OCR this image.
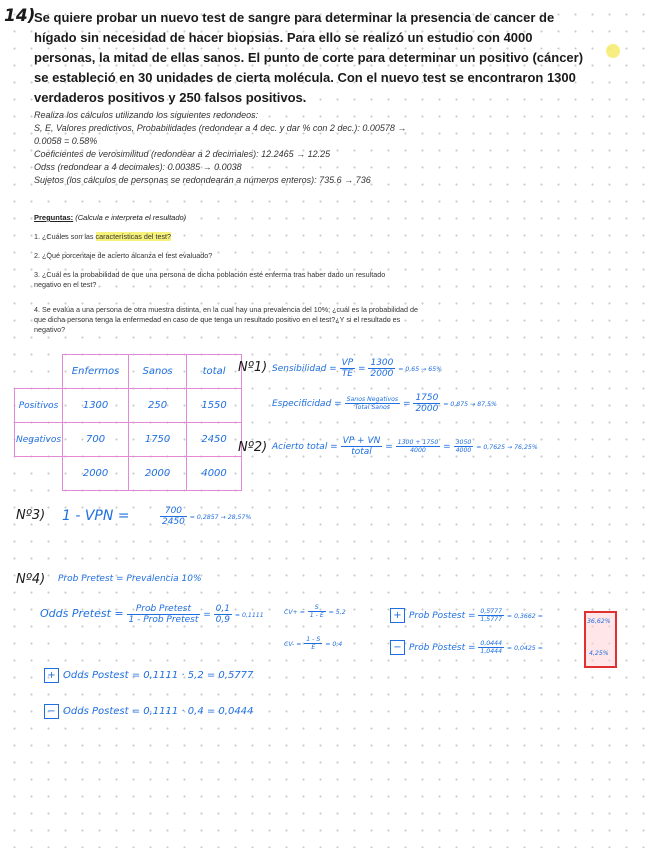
14)
Se quiere probar un nuevo test de sangre para determinar la presencia de cancer de hígado sin necesidad de hacer biopsias. Para ello se realizó un estudio con 4000 personas, la mitad de ellas sanos. El punto de corte para determinar un positivo (cáncer) se estableció en 30 unidades de cierta molécula. Con el nuevo test se encontraron 1300 verdaderos positivos y 250 falsos positivos.
Realiza los cálculos utilizando los siguientes redondeos:
S, E, Valores predictivos, Probabilidades (redondear a 4 dec. y dar % con 2 dec.): 0.00578 →
0.0058 = 0.58%
Coeficientes de verosimilitud (redondear a 2 decimales): 12.2465 → 12.25
Odss (redondear a 4 decimales): 0.00385 → 0.0038
Sujetos (los cálculos de personas se redondearán a números enteros): 735.6 → 736
Preguntas: (Calcula e interpreta el resultado)
1. ¿Cuáles son las características del test?
2. ¿Qué porcentaje de acierto alcanza el test evaluado?
3. ¿Cuál es la probabilidad de que una persona de dicha población esté enferma tras haber dado un resultado negativo en el test?
4. Se evalúa a una persona de otra muestra distinta, en la cual hay una prevalencia del 10%; ¿cuál es la probabilidad de que dicha persona tenga la enfermedad en caso de que tenga un resultado positivo en el test?¿Y si el resultado es negativo?
	Enfermos	Sanos	total
Positivos	1300	250	1550
Negativos	700	1750	2450
	2000	2000	4000
Nº1) Sensibilidad = $\frac{VP}{TE} = \frac{1300}{2000} = 0,65 \to 65\%$
Especificidad = $\frac{\text{Sanos Negativos}}{\text{Total Sanos}} = \frac{1750}{2000} = 0,875 \to 87,5\%$
Nº2) Acierto total = $\frac{VP + VN}{\text{total}} = \frac{1300 + 1750}{4000} = \frac{3050}{4000} = 0,7625 \to 76,25\%$
Nº3) 1 - VPN =	$\frac{700}{2450} = 0,2857 \to 28,57\%$
Nº4) Prob Pretest = Prevalencia 10%
Odds Pretest = $\frac{\text{Prob Pretest}}{\text{1 - Prob Pretest}} = \frac{0,1}{0,9} = 0,1111$	$CV+ = \frac{S}{1 - E} = 5,2$
$CV- = \frac{1 - S}{E} = 0,4$
+ Prob Postest = $\frac{0,5777}{1,5777} = 0,3662$ =
− Prob Postest = $\frac{0,0444}{1,0444} = 0,0425$ =
36,62%
4,25%
+ Odds Postest = 0,1111 · 5,2 = 0,5777
− Odds Postest = 0,1111 · 0,4 = 0,0444
